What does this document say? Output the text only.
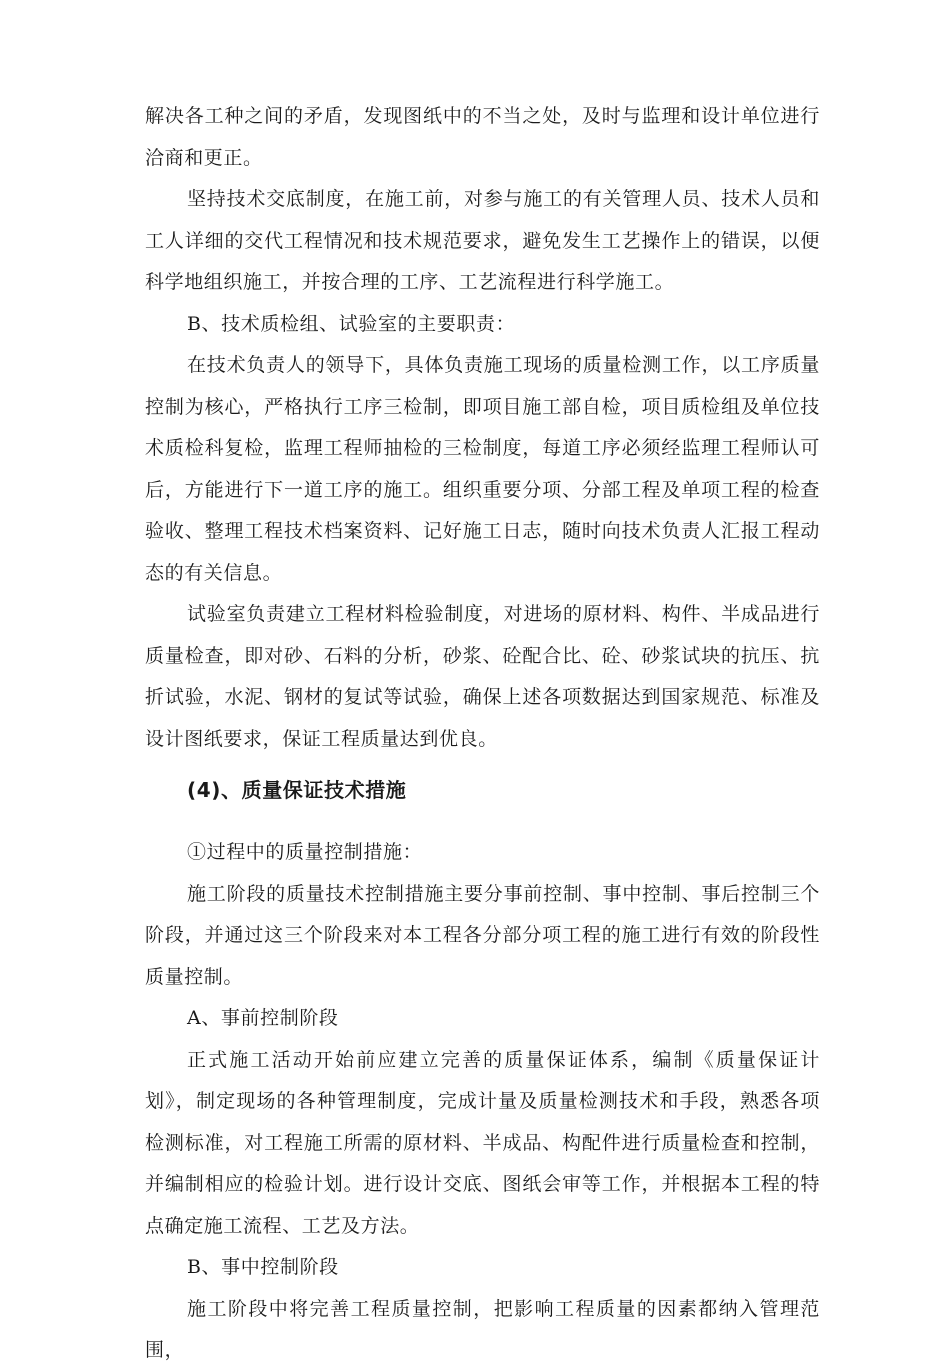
解决各工种之间的矛盾，发现图纸中的不当之处，及时与监理和设计单位进行洽商和更正。

坚持技术交底制度，在施工前，对参与施工的有关管理人员、技术人员和工人详细的交代工程情况和技术规范要求，避免发生工艺操作上的错误，以便科学地组织施工，并按合理的工序、工艺流程进行科学施工。

B、技术质检组、试验室的主要职责：

在技术负责人的领导下，具体负责施工现场的质量检测工作，以工序质量控制为核心，严格执行工序三检制，即项目施工部自检，项目质检组及单位技术质检科复检，监理工程师抽检的三检制度，每道工序必须经监理工程师认可后，方能进行下一道工序的施工。组织重要分项、分部工程及单项工程的检查验收、整理工程技术档案资料、记好施工日志，随时向技术负责人汇报工程动态的有关信息。

试验室负责建立工程材料检验制度，对进场的原材料、构件、半成品进行质量检查，即对砂、石料的分析，砂浆、砼配合比、砼、砂浆试块的抗压、抗折试验，水泥、钢材的复试等试验，确保上述各项数据达到国家规范、标准及设计图纸要求，保证工程质量达到优良。

(4)、质量保证技术措施

①过程中的质量控制措施：

施工阶段的质量技术控制措施主要分事前控制、事中控制、事后控制三个阶段，并通过这三个阶段来对本工程各分部分项工程的施工进行有效的阶段性质量控制。

A、事前控制阶段

正式施工活动开始前应建立完善的质量保证体系，编制《质量保证计划》，制定现场的各种管理制度，完成计量及质量检测技术和手段，熟悉各项检测标准，对工程施工所需的原材料、半成品、构配件进行质量检查和控制，并编制相应的检验计划。进行设计交底、图纸会审等工作，并根据本工程的特点确定施工流程、工艺及方法。

B、事中控制阶段

施工阶段中将完善工程质量控制，把影响工程质量的因素都纳入管理范围，
